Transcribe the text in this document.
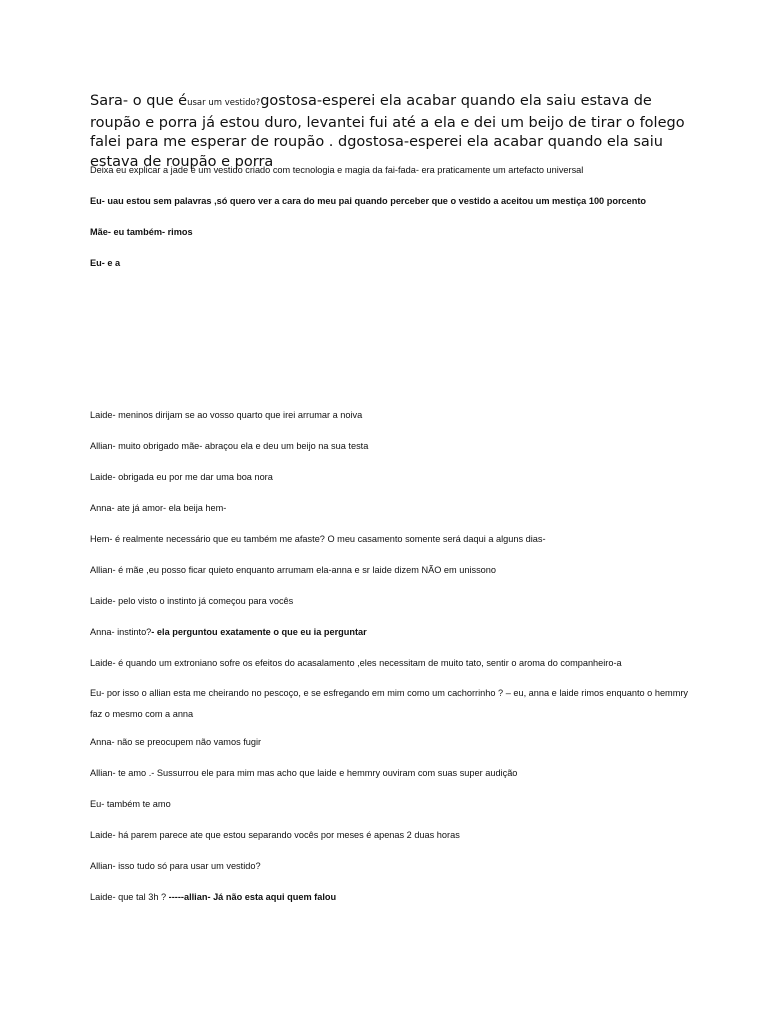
Sara- o que éusar um vestido?gostosa-esperei ela acabar quando ela saiu estava de roupão e porra já estou duro, levantei fui até a ela e dei um beijo de tirar o folego falei para me esperar de roupão . dgostosa-esperei ela acabar quando ela saiu estava de roupão e porra
Deixa eu explicar a jade é um vestido criado com tecnologia e magia da fai-fada- era praticamente um artefacto universal
Eu- uau estou sem palavras ,só quero ver a cara do meu pai quando perceber que o vestido a aceitou um mestiça 100 porcento
Mãe- eu também- rimos
Eu- e a
Laide- meninos dirijam se ao vosso quarto que irei arrumar a noiva
Allian- muito obrigado mãe- abraçou ela e deu um beijo na sua testa
Laide- obrigada eu por me dar uma boa nora
Anna- ate já amor- ela beija hem-
Hem- é realmente necessário que eu também me afaste? O meu casamento somente será daqui a alguns dias-
Allian- é mãe ,eu posso ficar quieto enquanto arrumam ela-anna e sr laide dizem NÃO em unissono
Laide- pelo visto o instinto já começou para vocês
Anna- instinto?- ela perguntou exatamente o que eu ia perguntar
Laide- é quando um extroniano sofre os efeitos do acasalamento ,eles necessitam de muito tato, sentir o aroma do companheiro-a
Eu- por isso o allian esta me cheirando no pescoço, e se esfregando em mim como um cachorrinho ? – eu, anna e laide rimos enquanto o hemmry faz o mesmo com a anna
Anna- não se preocupem não vamos fugir
Allian- te amo .- Sussurrou ele para mim mas acho que laide e hemmry ouviram com suas super audição
Eu- também te amo
Laide- há parem parece ate que estou separando vocês por meses é apenas 2 duas horas
Allian- isso tudo só para usar um vestido?
Laide- que tal 3h ? -----allian- Já não esta aqui quem falou
